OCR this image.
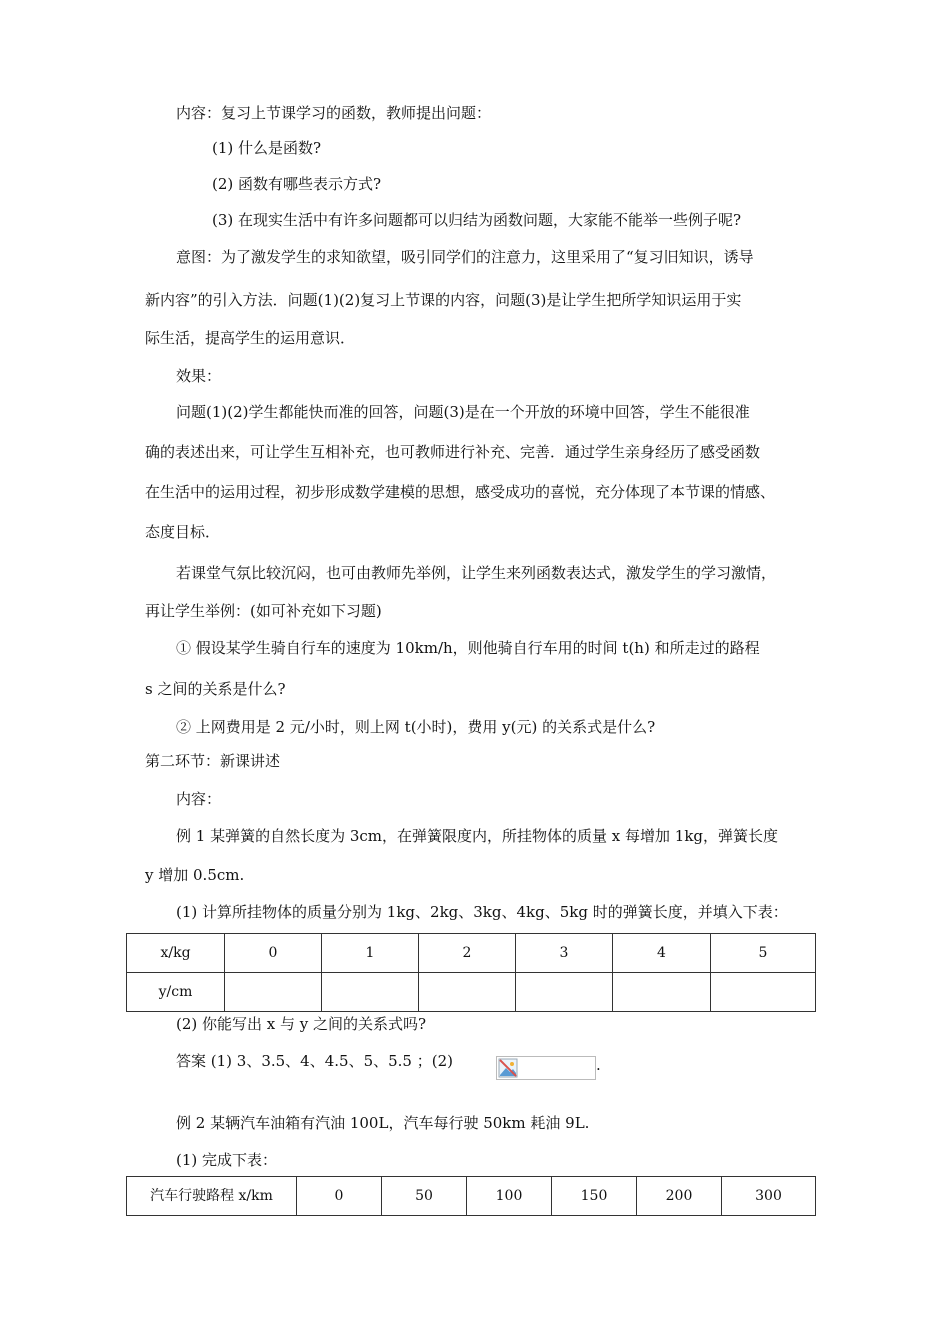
内容：复习上节课学习的函数，教师提出问题：
(1) 什么是函数?
(2) 函数有哪些表示方式?
(3) 在现实生活中有许多问题都可以归结为函数问题，大家能不能举一些例子呢?
意图：为了激发学生的求知欲望，吸引同学们的注意力，这里采用了“复习旧知识，诱导
新内容”的引入方法．问题(1)(2)复习上节课的内容，问题(3)是让学生把所学知识运用于实
际生活，提高学生的运用意识．
效果：
问题(1)(2)学生都能快而准的回答，问题(3)是在一个开放的环境中回答，学生不能很准
确的表述出来，可让学生互相补充，也可教师进行补充、完善．通过学生亲身经历了感受函数
在生活中的运用过程，初步形成数学建模的思想，感受成功的喜悦，充分体现了本节课的情感、
态度目标．
若课堂气氛比较沉闷，也可由教师先举例，让学生来列函数表达式，激发学生的学习激情，
再让学生举例：(如可补充如下习题)
① 假设某学生骑自行车的速度为 10km/h，则他骑自行车用的时间 t(h) 和所走过的路程
s 之间的关系是什么?
② 上网费用是 2 元/小时，则上网 t(小时)，费用 y(元) 的关系式是什么?
第二环节：新课讲述
内容：
例 1 某弹簧的自然长度为 3cm，在弹簧限度内，所挂物体的质量 x 每增加 1kg，弹簧长度
y 增加 0.5cm.
(1) 计算所挂物体的质量分别为 1kg、2kg、3kg、4kg、5kg 时的弹簧长度，并填入下表：
x/kg	0	1	2	3	4	5
y/cm						
(2) 你能写出 x 与 y 之间的关系式吗?
答案 (1) 3、3.5、4、4.5、5、5.5 ；(2)	.
例 2 某辆汽车油箱有汽油 100L，汽车每行驶 50km 耗油 9L.
(1) 完成下表：
汽车行驶路程 x/km	0	50	100	150	200	300
